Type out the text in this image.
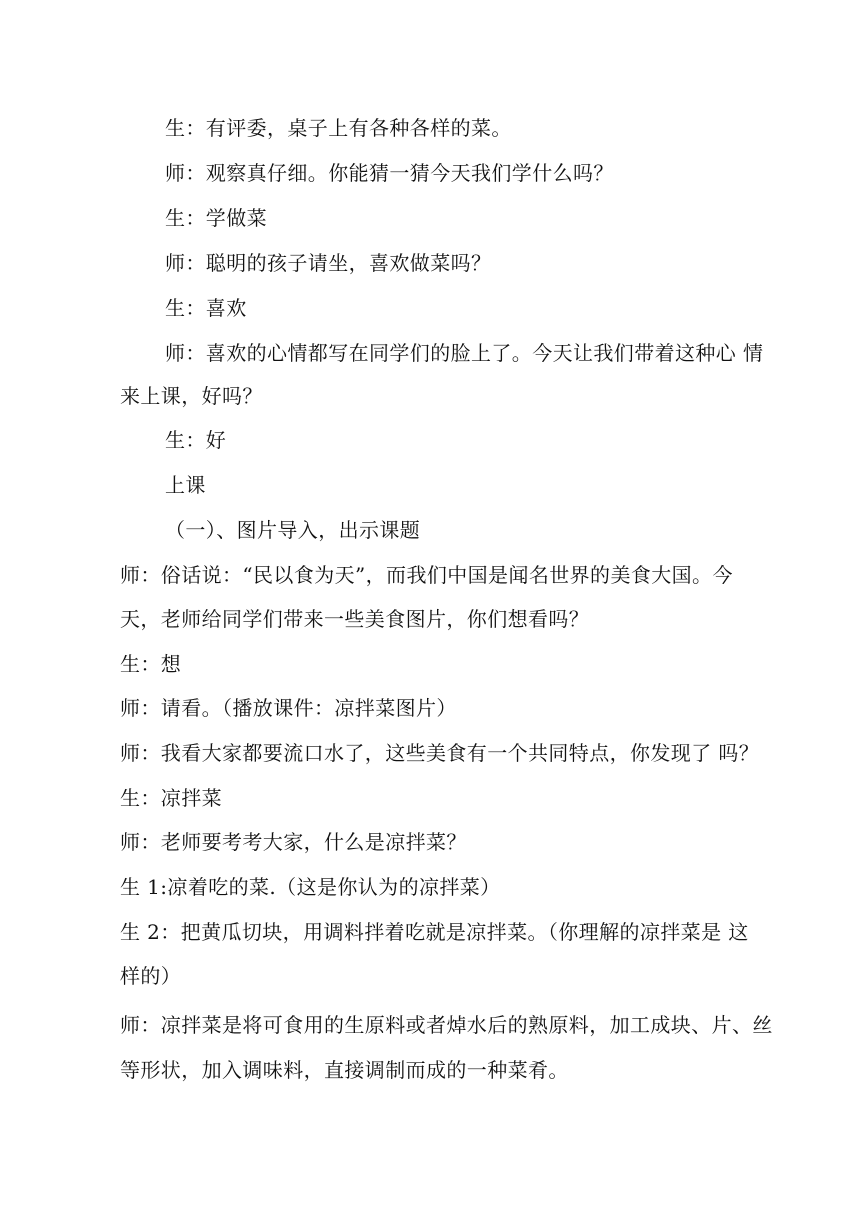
生：有评委，桌子上有各种各样的菜。
师：观察真仔细。你能猜一猜今天我们学什么吗？
生：学做菜
师：聪明的孩子请坐，喜欢做菜吗？
生：喜欢
师：喜欢的心情都写在同学们的脸上了。今天让我们带着这种心 情
来上课，好吗？
生：好
上课
（一）、图片导入，出示课题
师：俗话说：“民以食为天”，而我们中国是闻名世界的美食大国。今
天，老师给同学们带来一些美食图片，你们想看吗？
生：想
师：请看。（播放课件：凉拌菜图片）
师：我看大家都要流口水了，这些美食有一个共同特点，你发现了 吗？
生：凉拌菜
师：老师要考考大家，什么是凉拌菜？
生 1:凉着吃的菜.（这是你认为的凉拌菜）
生 2：把黄瓜切块，用调料拌着吃就是凉拌菜。（你理解的凉拌菜是 这
样的）
师：凉拌菜是将可食用的生原料或者焯水后的熟原料，加工成块、片、丝
等形状，加入调味料，直接调制而成的一种菜肴。
